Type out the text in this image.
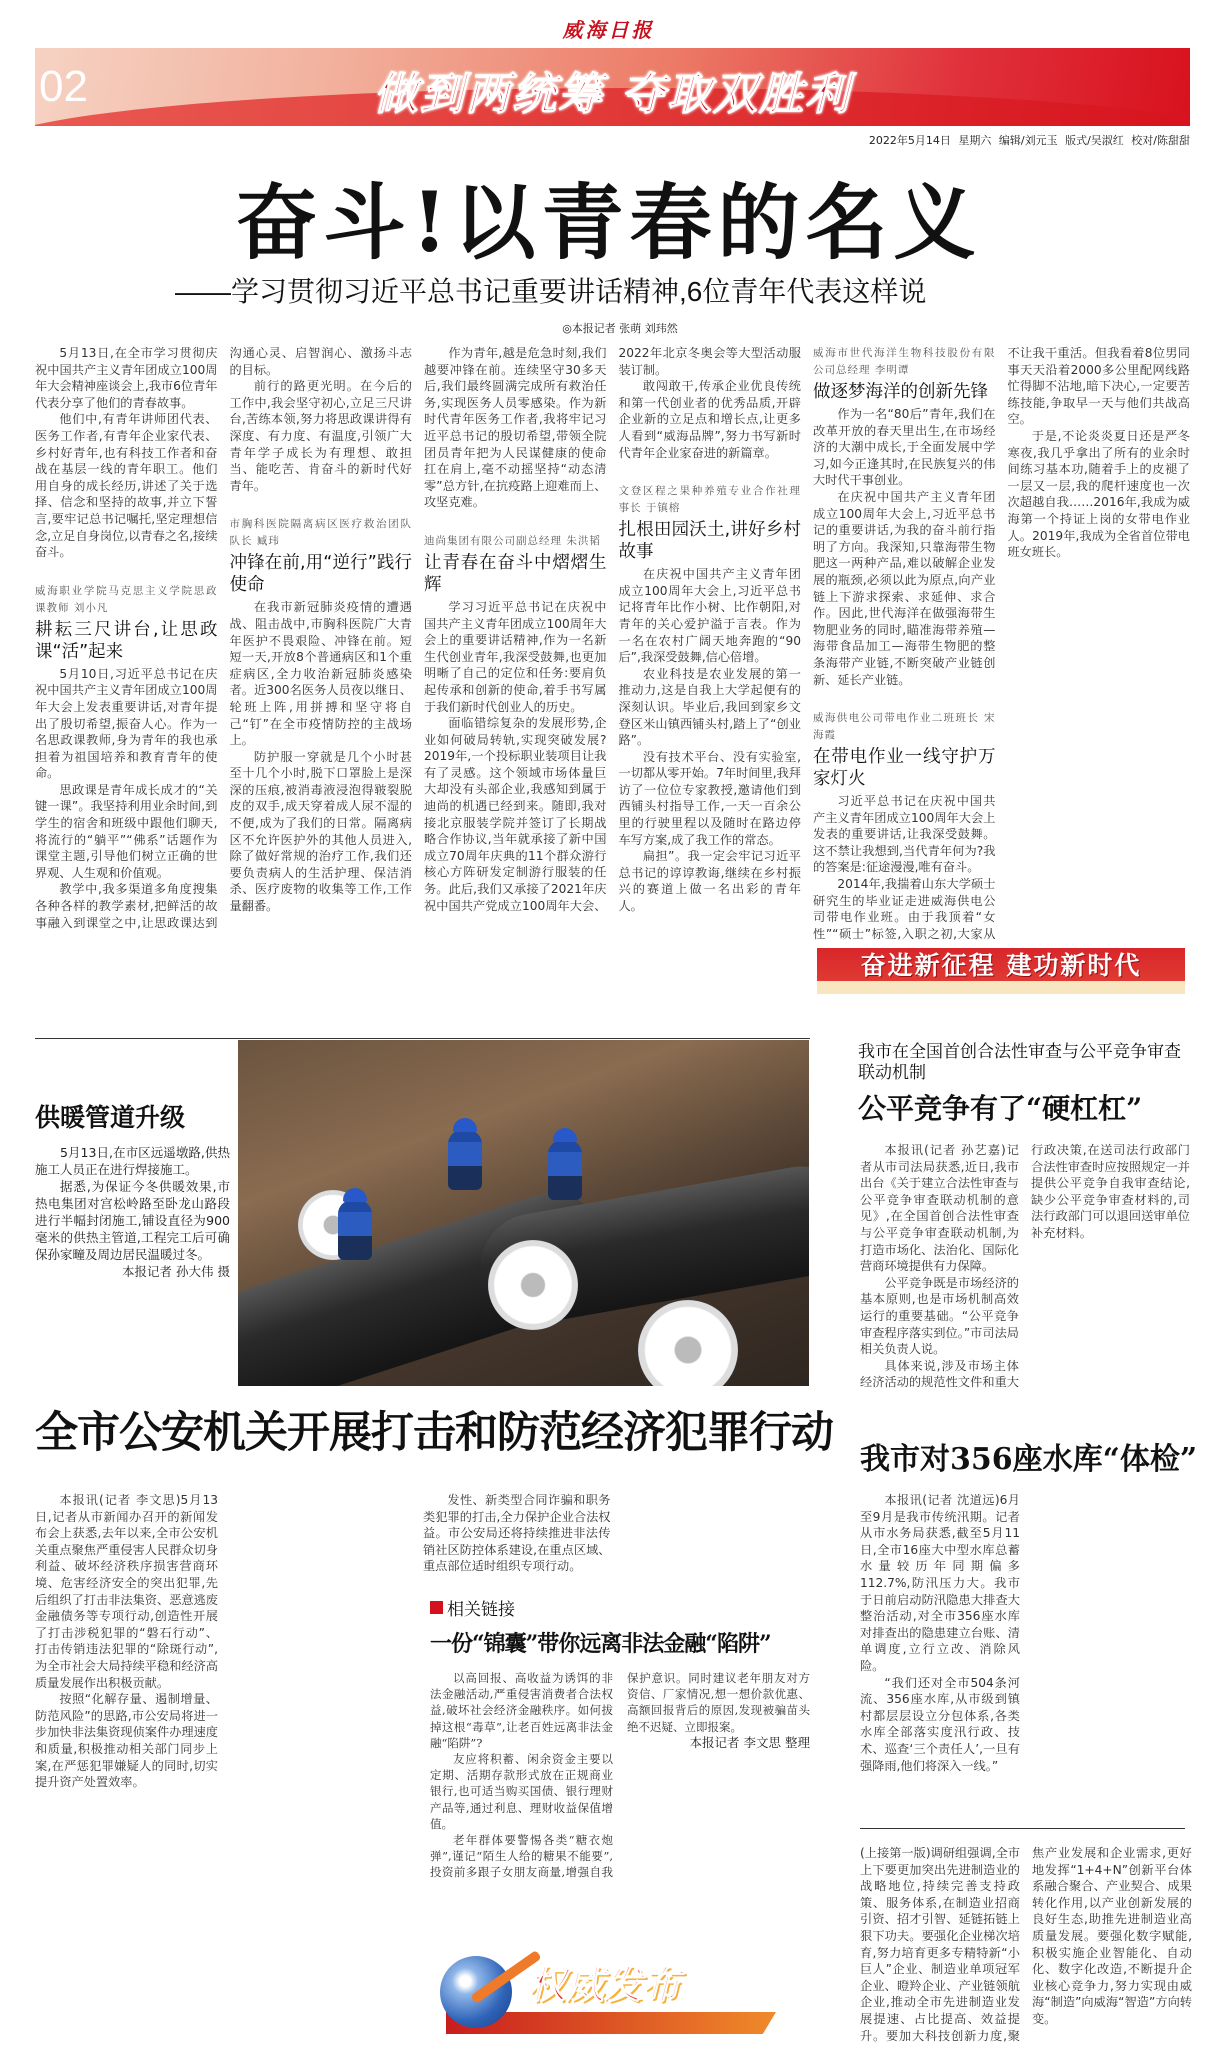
威海日报
02	做到两统筹 夺取双胜利
2022年5月14日 星期六 编辑/刘元玉 版式/吴淑红 校对/陈甜甜
奋斗!以青春的名义
——学习贯彻习近平总书记重要讲话精神,6位青年代表这样说
◎本报记者 张萌 刘玮然

5月13日,在全市学习贯彻庆祝中国共产主义青年团成立100周年大会精神座谈会上,我市6位青年代表分享了他们的青春故事。

他们中,有青年讲师团代表、医务工作者,有青年企业家代表、乡村好青年,也有科技工作者和奋战在基层一线的青年职工。他们用自身的成长经历,讲述了关于选择、信念和坚持的故事,并立下誓言,要牢记总书记嘱托,坚定理想信念,立足自身岗位,以青春之名,接续奋斗。

威海职业学院马克思主义学院思政课教师 刘小凡
耕耘三尺讲台,让思政课“活”起来

5月10日,习近平总书记在庆祝中国共产主义青年团成立100周年大会上发表重要讲话,对青年提出了殷切希望,振奋人心。作为一名思政课教师,身为青年的我也承担着为祖国培养和教育青年的使命。

思政课是青年成长成才的“关键一课”。我坚持利用业余时间,到学生的宿舍和班级中跟他们聊天,将流行的“躺平”“佛系”话题作为课堂主题,引导他们树立正确的世界观、人生观和价值观。

教学中,我多渠道多角度搜集各种各样的教学素材,把鲜活的故事融入到课堂之中,让思政课达到沟通心灵、启智润心、激扬斗志的目标。

前行的路更光明。在今后的工作中,我会坚守初心,立足三尺讲台,苦练本领,努力将思政课讲得有深度、有力度、有温度,引领广大青年学子成长为有理想、敢担当、能吃苦、肯奋斗的新时代好青年。

市胸科医院隔离病区医疗救治团队队长 臧玮
冲锋在前,用“逆行”践行使命

在我市新冠肺炎疫情的遭遇战、阻击战中,市胸科医院广大青年医护不畏艰险、冲锋在前。短短一天,开放8个普通病区和1个重症病区,全力收治新冠肺炎感染者。近300名医务人员夜以继日、轮班上阵,用拼搏和坚守将自己“钉”在全市疫情防控的主战场上。

防护服一穿就是几个小时甚至十几个小时,脱下口罩脸上是深深的压痕,被消毒液浸泡得皲裂脱皮的双手,成天穿着成人尿不湿的不便,成为了我们的日常。隔离病区不允许医护外的其他人员进入,除了做好常规的治疗工作,我们还要负责病人的生活护理、保洁消杀、医疗废物的收集等工作,工作量翻番。

作为青年,越是危急时刻,我们越要冲锋在前。连续坚守30多天后,我们最终圆满完成所有救治任务,实现医务人员零感染。作为新时代青年医务工作者,我将牢记习近平总书记的殷切希望,带领全院团员青年把为人民谋健康的使命扛在肩上,毫不动摇坚持“动态清零”总方针,在抗疫路上迎难而上、攻坚克难。

迪尚集团有限公司副总经理 朱洪韬
让青春在奋斗中熠熠生辉

学习习近平总书记在庆祝中国共产主义青年团成立100周年大会上的重要讲话精神,作为一名新生代创业青年,我深受鼓舞,也更加明晰了自己的定位和任务:要肩负起传承和创新的使命,着手书写属于我们新时代创业人的历史。

面临错综复杂的发展形势,企业如何破局转轨,实现突破发展?2019年,一个投标职业装项目让我有了灵感。这个领域市场体量巨大却没有头部企业,我感知到属于迪尚的机遇已经到来。随即,我对接北京服装学院并签订了长期战略合作协议,当年就承接了新中国成立70周年庆典的11个群众游行核心方阵研发定制游行服装的任务。此后,我们又承接了2021年庆祝中国共产党成立100周年大会、2022年北京冬奥会等大型活动服装订制。

敢闯敢干,传承企业优良传统和第一代创业者的优秀品质,开辟企业新的立足点和增长点,让更多人看到“威海品牌”,努力书写新时代青年企业家奋进的新篇章。

文登区程之果种养殖专业合作社理事长 于镇榕
扎根田园沃土,讲好乡村故事

在庆祝中国共产主义青年团成立100周年大会上,习近平总书记将青年比作小树、比作朝阳,对青年的关心爱护溢于言表。作为一名在农村广阔天地奔跑的“90后”,我深受鼓舞,信心倍增。

农业科技是农业发展的第一推动力,这是自我上大学起便有的深刻认识。毕业后,我回到家乡文登区米山镇西铺头村,踏上了“创业路”。

没有技术平台、没有实验室,一切都从零开始。7年时间里,我拜访了一位位专家教授,邀请他们到西铺头村指导工作,一天一百余公里的行驶里程以及随时在路边停车写方案,成了我工作的常态。

扁担”。我一定会牢记习近平总书记的谆谆教诲,继续在乡村振兴的赛道上做一名出彩的青年人。

威海市世代海洋生物科技股份有限公司总经理 李明谭
做逐梦海洋的创新先锋

作为一名“80后”青年,我们在改革开放的春天里出生,在市场经济的大潮中成长,于全面发展中学习,如今正逢其时,在民族复兴的伟大时代干事创业。

在庆祝中国共产主义青年团成立100周年大会上,习近平总书记的重要讲话,为我的奋斗前行指明了方向。我深知,只靠海带生物肥这一两种产品,难以破解企业发展的瓶颈,必须以此为原点,向产业链上下游求探索、求延伸、求合作。因此,世代海洋在做强海带生物肥业务的同时,瞄准海带养殖—海带食品加工—海带生物肥的整条海带产业链,不断突破产业链创新、延长产业链。

威海供电公司带电作业二班班长 宋海霞
在带电作业一线守护万家灯火

习近平总书记在庆祝中国共产主义青年团成立100周年大会上发表的重要讲话,让我深受鼓舞。这不禁让我想到,当代青年何为?我的答案是:征途漫漫,唯有奋斗。

2014年,我揣着山东大学硕士研究生的毕业证走进威海供电公司带电作业班。由于我顶着“女性”“硕士”标签,入职之初,大家从不让我干重活。但我看着8位男同事天天沿着2000多公里配网线路忙得脚不沾地,暗下决心,一定要苦练技能,争取早一天与他们共战高空。

于是,不论炎炎夏日还是严冬寒夜,我几乎拿出了所有的业余时间练习基本功,随着手上的皮褪了一层又一层,我的爬杆速度也一次次超越自我……2016年,我成为威海第一个持证上岗的女带电作业人。2019年,我成为全省首位带电班女班长。

奋进新征程 建功新时代
供暖管道升级

5月13日,在市区远遥墩路,供热施工人员正在进行焊接施工。

据悉,为保证今冬供暖效果,市热电集团对宫松岭路至卧龙山路段进行半幅封闭施工,铺设直径为900毫米的供热主管道,工程完工后可确保孙家疃及周边居民温暖过冬。

本报记者 孙大伟 摄

我市在全国首创合法性审查与公平竞争审查联动机制
公平竞争有了“硬杠杠”

本报讯(记者 孙艺嘉)记者从市司法局获悉,近日,我市出台《关于建立合法性审查与公平竞争审查联动机制的意见》,在全国首创合法性审查与公平竞争审查联动机制,为打造市场化、法治化、国际化营商环境提供有力保障。

公平竞争既是市场经济的基本原则,也是市场机制高效运行的重要基础。“公平竞争审查程序落实到位。”市司法局相关负责人说。

具体来说,涉及市场主体经济活动的规范性文件和重大行政决策,在送司法行政部门合法性审查时应按照规定一并提供公平竞争自我审查结论,缺少公平竞争审查材料的,司法行政部门可以退回送审单位补充材料。

全市公安机关开展打击和防范经济犯罪行动

本报讯(记者 李文思)5月13日,记者从市新闻办召开的新闻发布会上获悉,去年以来,全市公安机关重点聚焦严重侵害人民群众切身利益、破坏经济秩序损害营商环境、危害经济安全的突出犯罪,先后组织了打击非法集资、恶意逃废金融债务等专项行动,创造性开展了打击涉税犯罪的“磐石行动”、打击传销违法犯罪的“除斑行动”,为全市社会大局持续平稳和经济高质量发展作出积极贡献。

按照“化解存量、遏制增量、防范风险”的思路,市公安局将进一步加快非法集资现侦案件办理速度和质量,积极推动相关部门同步上案,在严惩犯罪嫌疑人的同时,切实提升资产处置效率。

发性、新类型合同诈骗和职务类犯罪的打击,全力保护企业合法权益。市公安局还将持续推进非法传销社区防控体系建设,在重点区域、重点部位适时组织专项行动。

相关链接
一份“锦囊”带你远离非法金融“陷阱”

以高回报、高收益为诱饵的非法金融活动,严重侵害消费者合法权益,破坏社会经济金融秩序。如何拔掉这根“毒草”,让老百姓远离非法金融“陷阱”?

友应将积蓄、闲余资金主要以定期、活期存款形式放在正规商业银行,也可适当购买国债、银行理财产品等,通过利息、理财收益保值增值。

老年群体要警惕各类“糖衣炮弹”,谨记“陌生人给的糖果不能要”,投资前多跟子女朋友商量,增强自我保护意识。同时建议老年朋友对方资信、厂家情况,想一想价款优惠、高额回报背后的原因,发现被骗苗头绝不迟疑、立即报案。

本报记者 李文思 整理

权威发布
我市对356座水库“体检”

本报讯(记者 沈道远)6月至9月是我市传统汛期。记者从市水务局获悉,截至5月11日,全市16座大中型水库总蓄水量较历年同期偏多112.7%,防汛压力大。我市于日前启动防汛隐患大排查大整治活动,对全市356座水库对排查出的隐患建立台账、清单调度,立行立改、消除风险。

“我们还对全市504条河流、356座水库,从市级到镇村都层层设立分包体系,各类水库全部落实度汛行政、技术、巡查‘三个责任人’,一旦有强降雨,他们将深入一线。”

(上接第一版)调研组强调,全市上下要更加突出先进制造业的战略地位,持续完善支持政策、服务体系,在制造业招商引资、招才引智、延链拓链上狠下功夫。要强化企业梯次培育,努力培育更多专精特新“小巨人”企业、制造业单项冠军企业、瞪羚企业、产业链领航企业,推动全市先进制造业发展提速、占比提高、效益提升。要加大科技创新力度,聚焦产业发展和企业需求,更好地发挥“1+4+N”创新平台体系融合聚合、产业契合、成果转化作用,以产业创新发展的良好生态,助推先进制造业高质量发展。要强化数字赋能,积极实施企业智能化、自动化、数字化改造,不断提升企业核心竞争力,努力实现由威海“制造”向威海“智造”方向转变。
